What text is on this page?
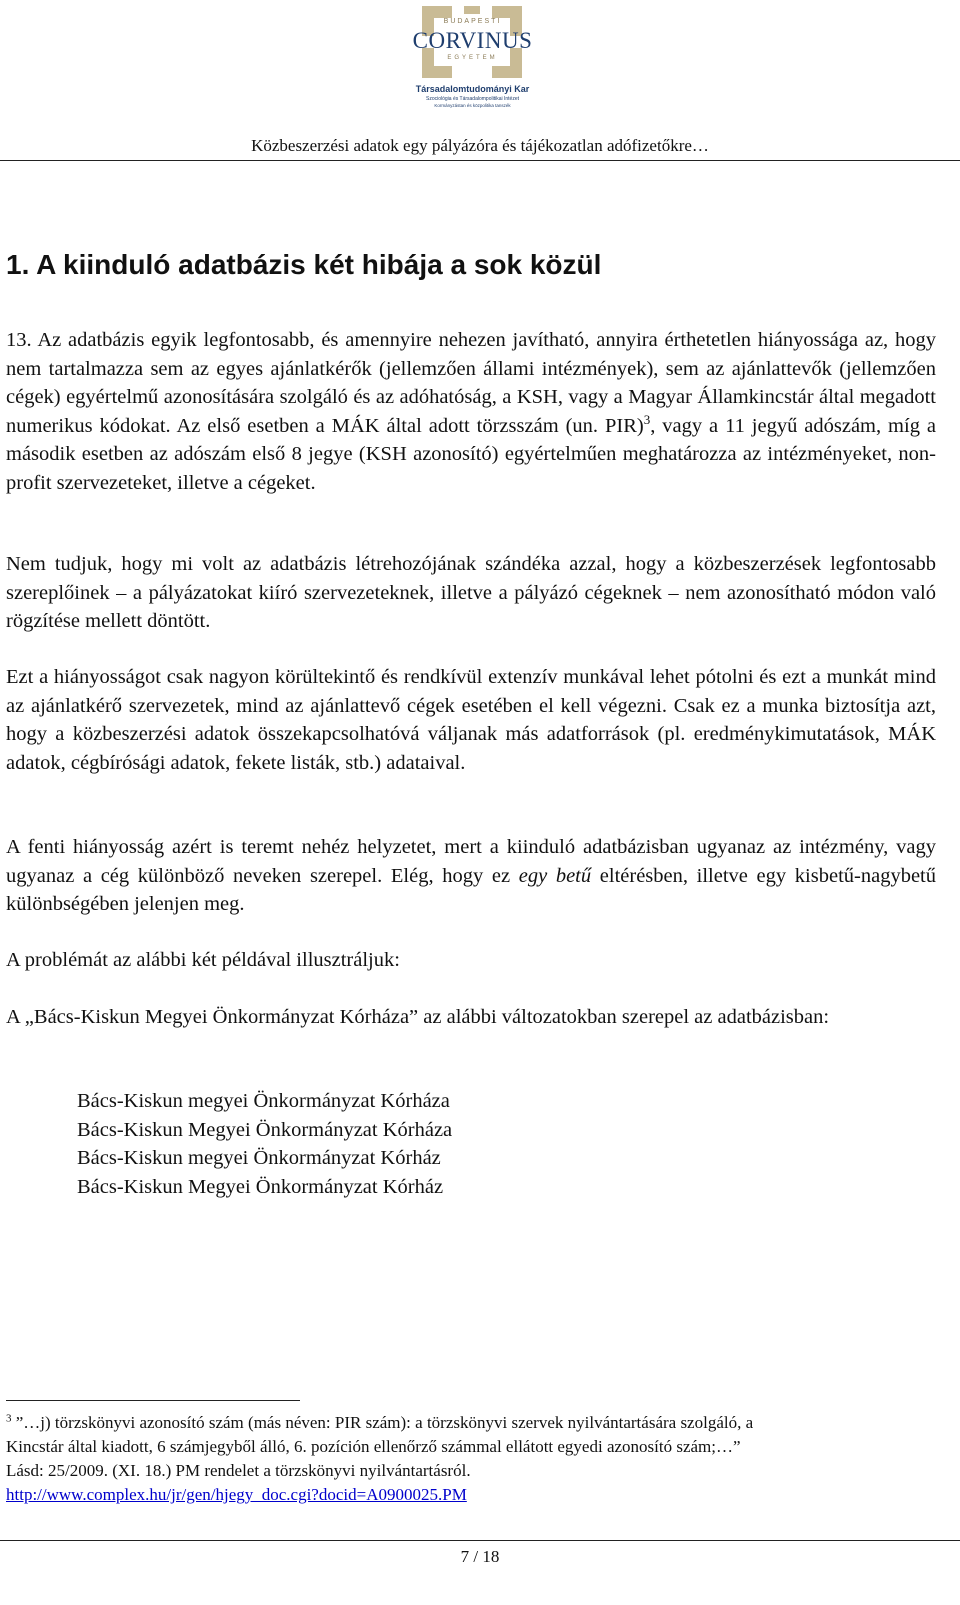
BUDAPESTI
CORVINUS
EGYETEM
Társadalomtudományi Kar
Szociológia és Társadalompolitikai Intézet
Kormányzástan és közpolitika tanszék
Közbeszerzési adatok egy pályázóra és tájékozatlan adófizetőkre…
1. A kiinduló adatbázis két hibája a sok közül

13. Az adatbázis egyik legfontosabb, és amennyire nehezen javítható, annyira érthetetlen hiányossága az, hogy nem tartalmazza sem az egyes ajánlatkérők (jellemzően állami intézmények), sem az ajánlattevők (jellemzően cégek) egyértelmű azonosítására szolgáló és az adóhatóság, a KSH, vagy a Magyar Államkincstár által megadott numerikus kódokat. Az első esetben a MÁK által adott törzsszám (un. PIR)$^3$, vagy a 11 jegyű adószám, míg a második esetben az adószám első 8 jegye (KSH azonosító) egyértelműen meghatározza az intézményeket, non-profit szervezeteket, illetve a cégeket.

Nem tudjuk, hogy mi volt az adatbázis létrehozójának szándéka azzal, hogy a közbeszerzések legfontosabb szereplőinek – a pályázatokat kiíró szervezeteknek, illetve a pályázó cégeknek – nem azonosítható módon való rögzítése mellett döntött.

Ezt a hiányosságot csak nagyon körültekintő és rendkívül extenzív munkával lehet pótolni és ezt a munkát mind az ajánlatkérő szervezetek, mind az ajánlattevő cégek esetében el kell végezni. Csak ez a munka biztosítja azt, hogy a közbeszerzési adatok összekapcsolhatóvá váljanak más adatforrások (pl. eredménykimutatások, MÁK adatok, cégbírósági adatok, fekete listák, stb.) adataival.

A fenti hiányosság azért is teremt nehéz helyzetet, mert a kiinduló adatbázisban ugyanaz az intézmény, vagy ugyanaz a cég különböző neveken szerepel. Elég, hogy ez egy betű eltérésben, illetve egy kisbetű-nagybetű különbségében jelenjen meg.

A problémát az alábbi két példával illusztráljuk:

A „Bács-Kiskun Megyei Önkormányzat Kórháza” az alábbi változatokban szerepel az adatbázisban:

Bács-Kiskun megyei Önkormányzat Kórháza
Bács-Kiskun Megyei Önkormányzat Kórháza
Bács-Kiskun megyei Önkormányzat Kórház
Bács-Kiskun Megyei Önkormányzat Kórház
$^3$ ”…j) törzskönyvi azonosító szám (más néven: PIR szám): a törzskönyvi szervek nyilvántartására szolgáló, a
Kincstár által kiadott, 6 számjegyből álló, 6. pozíción ellenőrző számmal ellátott egyedi azonosító szám;…”
Lásd: 25/2009. (XI. 18.) PM rendelet a törzskönyvi nyilvántartásról.
http://www.complex.hu/jr/gen/hjegy_doc.cgi?docid=A0900025.PM
7 / 18
